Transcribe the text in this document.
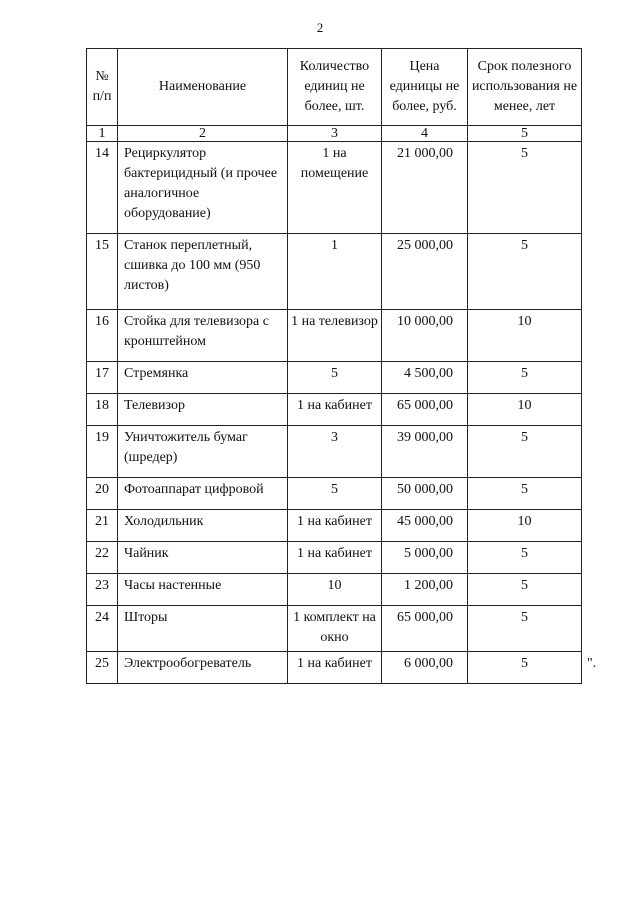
2
№ п/п	Наименование	Количество единиц не более, шт.	Цена единицы не более, руб.	Срок полезного использования не менее, лет
1	2	3	4	5
14	Рециркулятор бактерицидный (и прочее аналогичное оборудование)	1 на помещение	21 000,00	5
15	Станок переплетный, сшивка до 100 мм (950 листов)	1	25 000,00	5
16	Стойка для телевизора с кронштейном	1 на телевизор	10 000,00	10
17	Стремянка	5	4 500,00	5
18	Телевизор	1 на кабинет	65 000,00	10
19	Уничтожитель бумаг (шредер)	3	39 000,00	5
20	Фотоаппарат цифровой	5	50 000,00	5
21	Холодильник	1 на кабинет	45 000,00	10
22	Чайник	1 на кабинет	5 000,00	5
23	Часы настенные	10	1 200,00	5
24	Шторы	1 комплект на окно	65 000,00	5
25	Электрообогреватель	1 на кабинет	6 000,00	5	".
